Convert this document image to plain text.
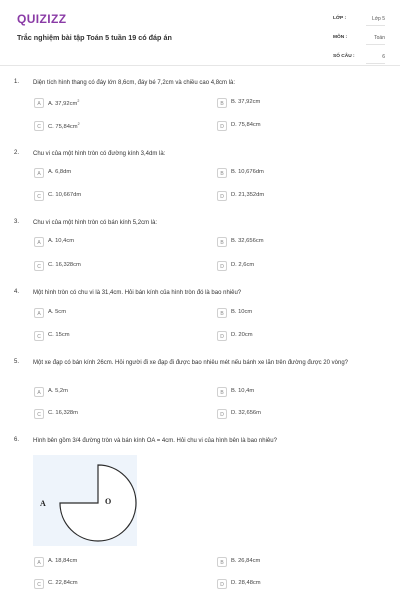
QUIZIZZ
Trắc nghiệm bài tập Toán 5 tuần 19 có đáp án
LỚP :	Lớp 5
MÔN :	Toán
SỐ CÂU :	6
1. Diện tích hình thang có đáy lớn 8,6cm, đáy bé 7,2cm và chiều cao 4,8cm là:
A	A. $37,92cm^2$	B	B. 37,92cm
C	C. $75,84cm^2$	D	D. 75,84cm
2. Chu vi của một hình tròn có đường kính 3,4dm là:
A	A. 6,8dm	B	B. 10,676dm
C	C. 10,667dm	D	D. 21,352dm
3. Chu vi của một hình tròn có bán kính 5,2cm là:
A	A. 10,4cm	B	B. 32,656cm
C	C. 16,328cm	D	D. 2,6cm
4. Một hình tròn có chu vi là 31,4cm. Hỏi bán kính của hình tròn đó là bao nhiêu?
A	A. 5cm	B	B. 10cm
C	C. 15cm	D	D. 20cm
5. Một xe đạp có bán kính 26cm. Hỏi người đi xe đạp đi được bao nhiêu mét nếu bánh xe lăn trên đường được 20 vòng?
A	A. 5,2m	B	B. 10,4m
C	C. 16,328m	D	D. 32,656m
6. Hình bên gồm 3/4 đường tròn và bán kính OA = 4cm. Hỏi chu vi của hình bên là bao nhiêu?
A	O
A	A. 18,84cm	B	B. 26,84cm
C	C. 22,84cm	D	D. 28,48cm
